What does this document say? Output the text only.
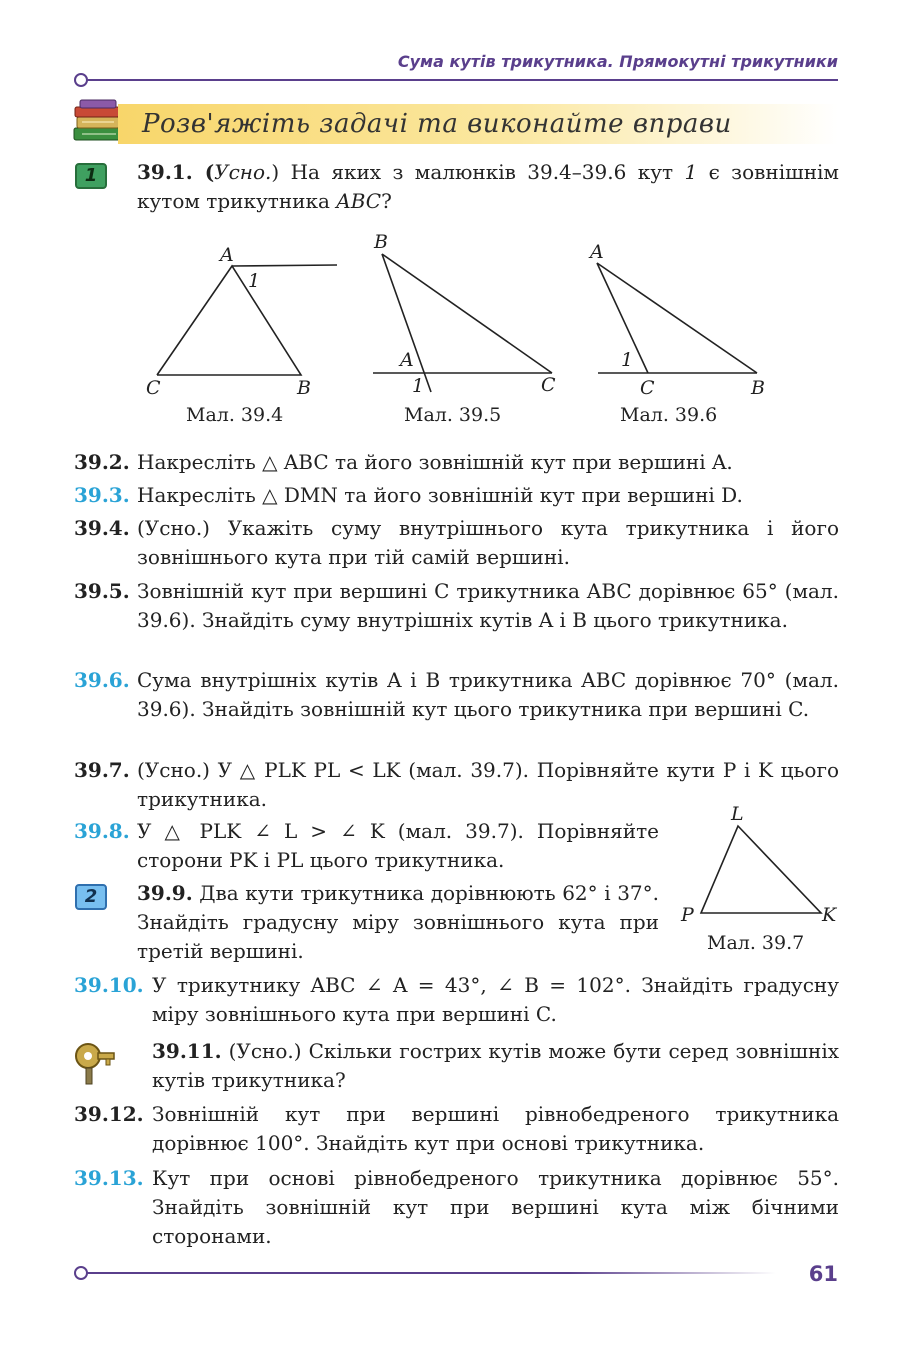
Сума кутів трикутника. Прямокутні трикутники
Розв'яжіть задачі та виконайте вправи
1	39.1. (Усно.) На яких з малюнків 39.4–39.6 кут 1 є зовнішнім кутом трикутника ABC?
A
1
C	B
B
A
1	C
A
1
C	B
Мал. 39.4	Мал. 39.5	Мал. 39.6
39.2. Накресліть △ ABC та його зовнішній кут при вершині A.
39.3. Накресліть △ DMN та його зовнішній кут при вершині D.
39.4. (Усно.) Укажіть суму внутрішнього кута трикутника і його зовнішнього кута при тій самій вершині.
39.5. Зовнішній кут при вершині C трикутника ABC дорівнює 65° (мал. 39.6). Знайдіть суму внутрішніх кутів A і B цього трикутника.
39.6. Сума внутрішніх кутів A і B трикутника ABC дорівнює 70° (мал. 39.6). Знайдіть зовнішній кут цього трикутника при вершині C.
39.7. (Усно.) У △ PLK PL < LK (мал. 39.7). Порівняйте кути P і K цього трикутника.
39.8. У △ PLK ∠ L > ∠ K (мал. 39.7). Порівняйте сторони PK і PL цього трикутника.
2	39.9. Два кути трикутника дорівнюють 62° і 37°. Знайдіть градусну міру зовнішнього кута при третій вершині.
L
P	K
Мал. 39.7
39.10. У трикутнику ABC ∠ A = 43°, ∠ B = 102°. Знайдіть градусну міру зовнішнього кута при вершині C.
39.11. (Усно.) Скільки гострих кутів може бути серед зовнішніх кутів трикутника?
39.12. Зовнішній кут при вершині рівнобедреного трикутника дорівнює 100°. Знайдіть кут при основі трикутника.
39.13. Кут при основі рівнобедреного трикутника дорівнює 55°. Знайдіть зовнішній кут при вершині кута між бічними сторонами.
61
